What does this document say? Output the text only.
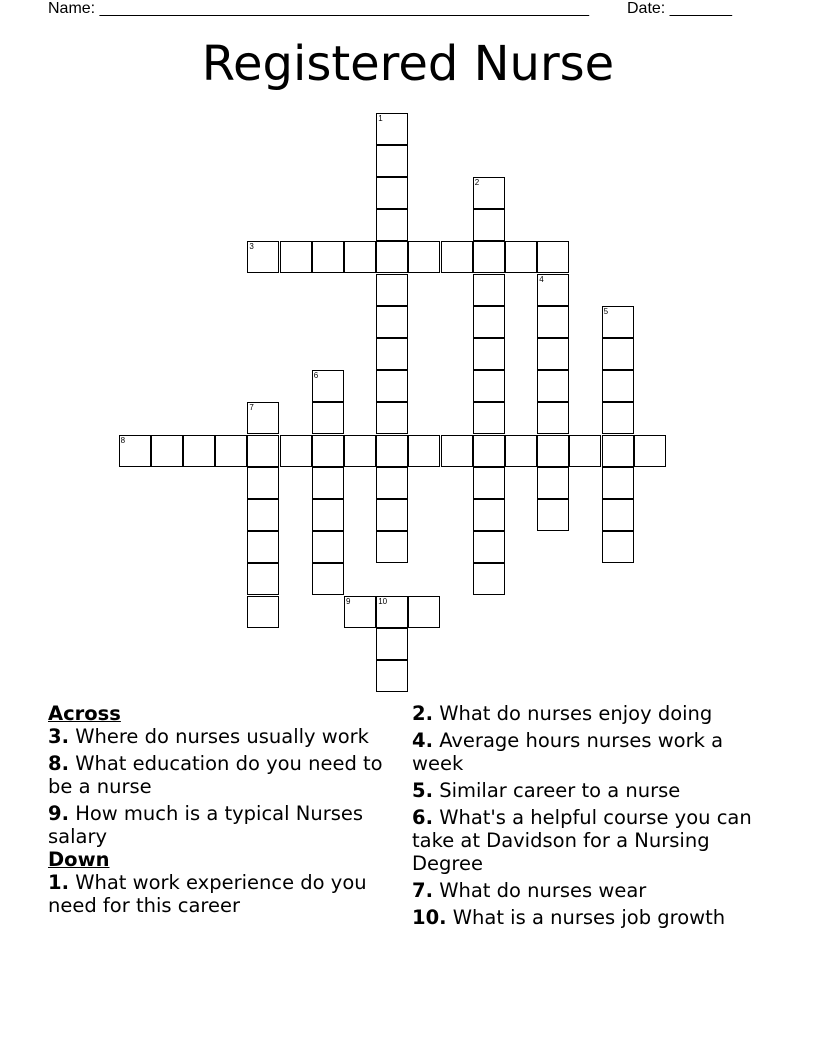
Name: _______________________________________________________ Date: _______
Registered Nurse
1
2
3
4
5
6
7
8
9	10
Across
3. Where do nurses usually work
8. What education do you need to be a nurse
9. How much is a typical Nurses salary
Down
1. What work experience do you need for this career
2. What do nurses enjoy doing
4. Average hours nurses work a week
5. Similar career to a nurse
6. What's a helpful course you can take at Davidson for a Nursing Degree
7. What do nurses wear
10. What is a nurses job growth
